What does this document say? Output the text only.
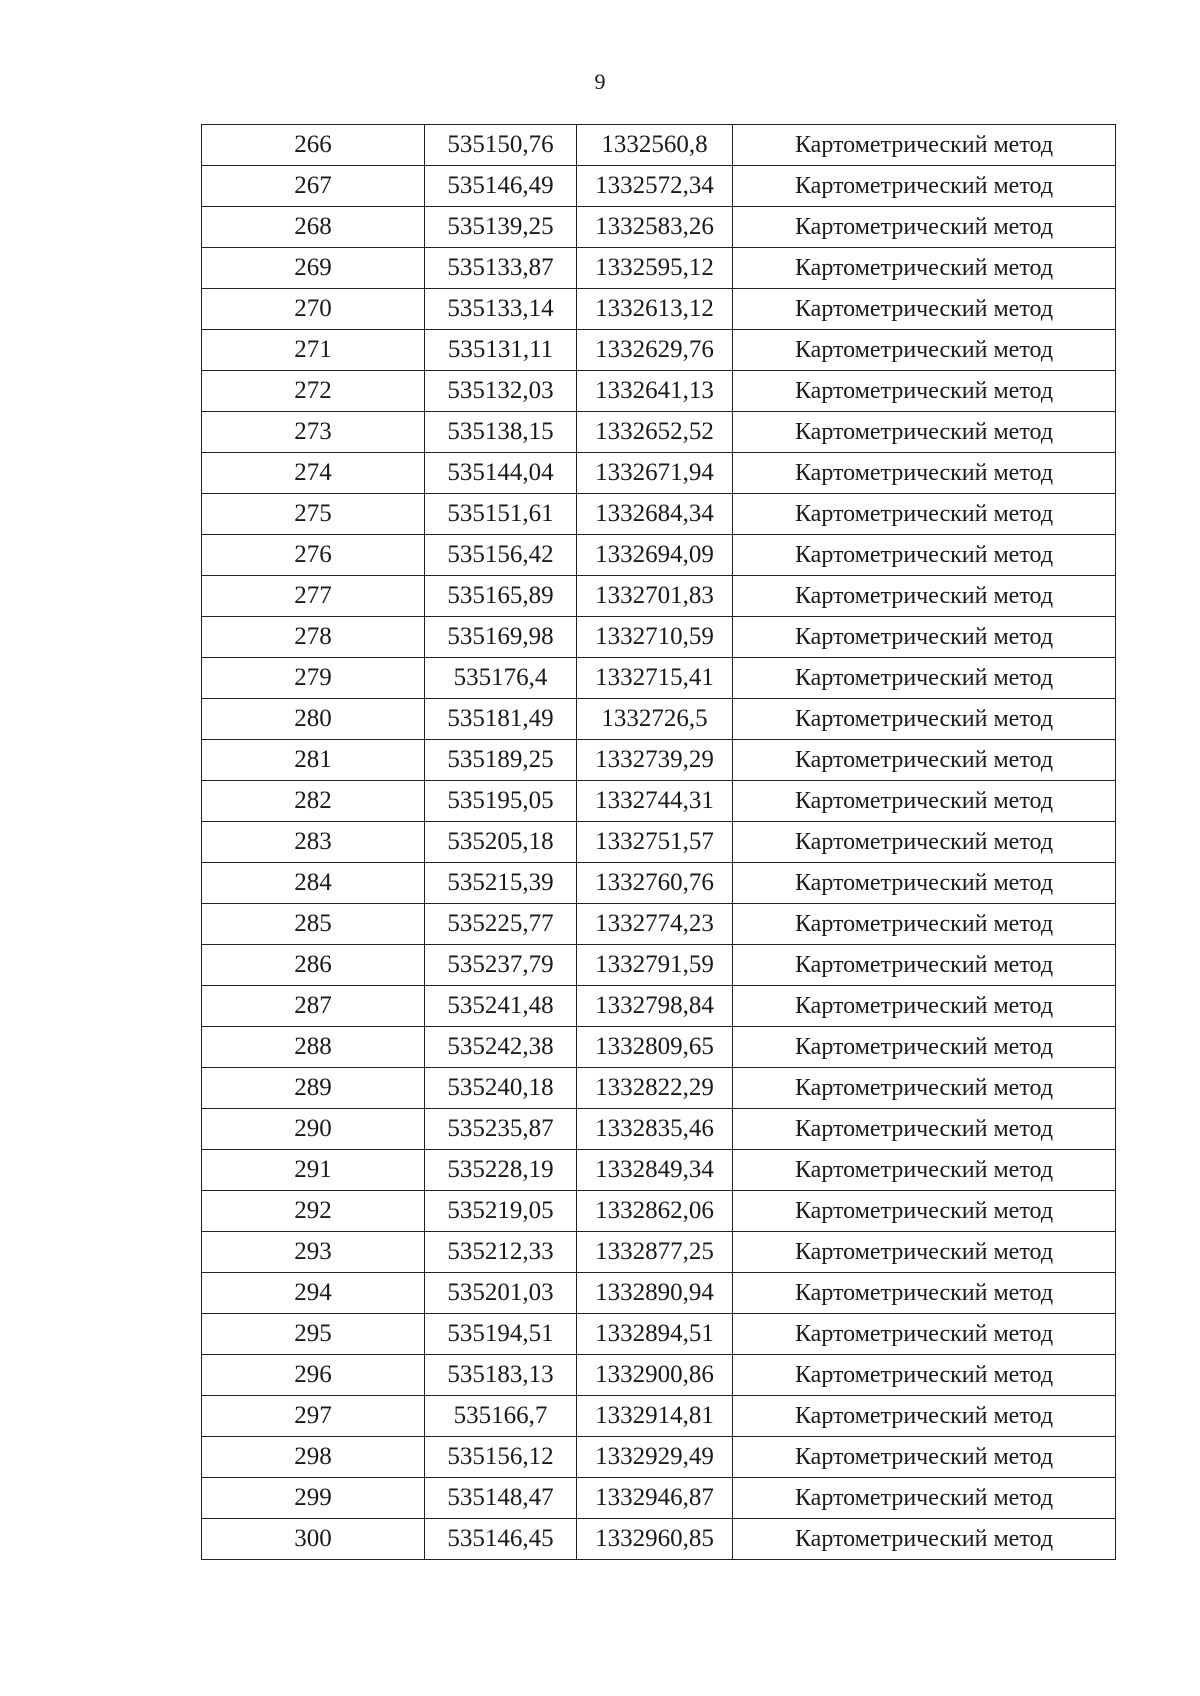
9
266	535150,76	1332560,8	Картометрический метод
267	535146,49	1332572,34	Картометрический метод
268	535139,25	1332583,26	Картометрический метод
269	535133,87	1332595,12	Картометрический метод
270	535133,14	1332613,12	Картометрический метод
271	535131,11	1332629,76	Картометрический метод
272	535132,03	1332641,13	Картометрический метод
273	535138,15	1332652,52	Картометрический метод
274	535144,04	1332671,94	Картометрический метод
275	535151,61	1332684,34	Картометрический метод
276	535156,42	1332694,09	Картометрический метод
277	535165,89	1332701,83	Картометрический метод
278	535169,98	1332710,59	Картометрический метод
279	535176,4	1332715,41	Картометрический метод
280	535181,49	1332726,5	Картометрический метод
281	535189,25	1332739,29	Картометрический метод
282	535195,05	1332744,31	Картометрический метод
283	535205,18	1332751,57	Картометрический метод
284	535215,39	1332760,76	Картометрический метод
285	535225,77	1332774,23	Картометрический метод
286	535237,79	1332791,59	Картометрический метод
287	535241,48	1332798,84	Картометрический метод
288	535242,38	1332809,65	Картометрический метод
289	535240,18	1332822,29	Картометрический метод
290	535235,87	1332835,46	Картометрический метод
291	535228,19	1332849,34	Картометрический метод
292	535219,05	1332862,06	Картометрический метод
293	535212,33	1332877,25	Картометрический метод
294	535201,03	1332890,94	Картометрический метод
295	535194,51	1332894,51	Картометрический метод
296	535183,13	1332900,86	Картометрический метод
297	535166,7	1332914,81	Картометрический метод
298	535156,12	1332929,49	Картометрический метод
299	535148,47	1332946,87	Картометрический метод
300	535146,45	1332960,85	Картометрический метод
